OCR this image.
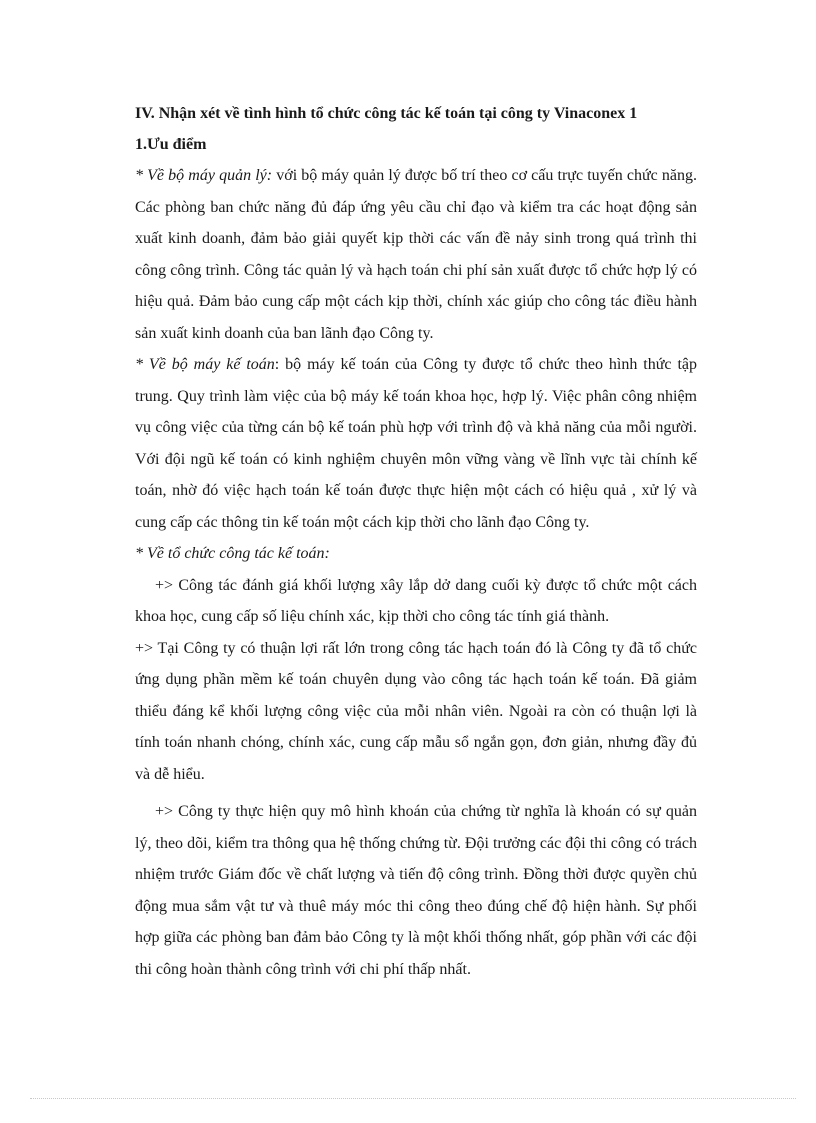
IV. Nhận xét về tình hình tổ chức công tác kế toán tại công ty Vinaconex 1

1.Ưu điểm

* Về bộ máy quản lý: với bộ máy quản lý được bố trí theo cơ cấu trực tuyến chức năng. Các phòng ban chức năng đủ đáp ứng yêu cầu chỉ đạo và kiểm tra các hoạt động sản xuất kinh doanh, đảm bảo giải quyết kịp thời các vấn đề nảy sinh trong quá trình thi công công trình. Công tác quản lý và hạch toán chi phí sản xuất được tổ chức hợp lý có hiệu quả. Đảm bảo cung cấp một cách kịp thời, chính xác giúp cho công tác điều hành sản xuất kinh doanh của ban lãnh đạo Công ty.

* Về bộ máy kế toán: bộ máy kế toán của Công ty được tổ chức theo hình thức tập trung. Quy trình làm việc của bộ máy kế toán khoa học, hợp lý. Việc phân công nhiệm vụ công việc của từng cán bộ kế toán phù hợp với trình độ và khả năng của mỗi người. Với đội ngũ kế toán có kinh nghiệm chuyên môn vững vàng về lĩnh vực tài chính kế toán, nhờ đó việc hạch toán kế toán được thực hiện một cách có hiệu quả , xử lý và cung cấp các thông tin kế toán một cách kịp thời cho lãnh đạo Công ty.

* Về tổ chức công tác kế toán:

+> Công tác đánh giá khối lượng xây lắp dở dang cuối kỳ được tổ chức một cách khoa học, cung cấp số liệu chính xác, kịp thời cho công tác tính giá thành.

+> Tại Công ty có thuận lợi rất lớn trong công tác hạch toán đó là Công ty đã tổ chức ứng dụng phần mềm kế toán chuyên dụng vào công tác hạch toán kế toán. Đã giảm thiểu đáng kể khối lượng công việc của mỗi nhân viên. Ngoài ra còn có thuận lợi là tính toán nhanh chóng, chính xác, cung cấp mẫu sổ ngắn gọn, đơn giản, nhưng đầy đủ và dễ hiểu.

+> Công ty thực hiện quy mô hình khoán của chứng từ nghĩa là khoán có sự quản lý, theo dõi, kiểm tra thông qua hệ thống chứng từ. Đội trưởng các đội thi công có trách nhiệm trước Giám đốc về chất lượng và tiến độ công trình. Đồng thời được quyền chủ động mua sắm vật tư và thuê máy móc thi công theo đúng chế độ hiện hành. Sự phối hợp giữa các phòng ban đảm bảo Công ty là một khối thống nhất, góp phần với các đội thi công hoàn thành công trình với chi phí thấp nhất.
